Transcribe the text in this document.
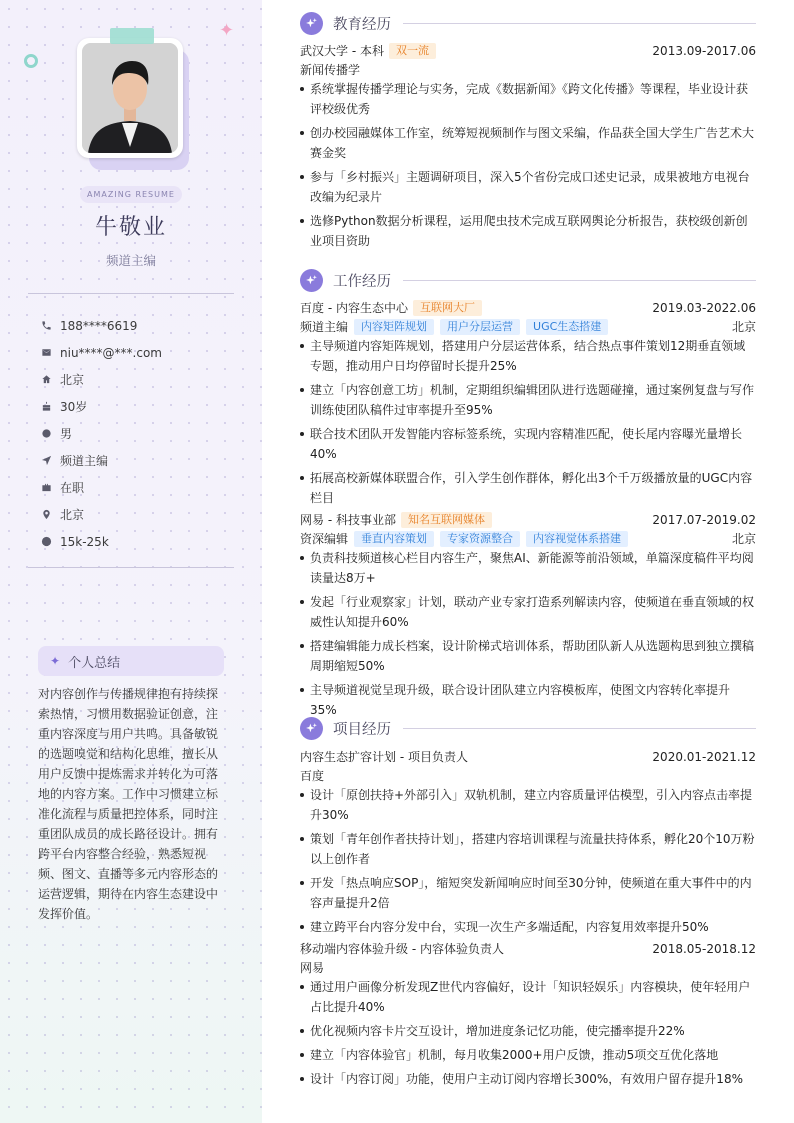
✦
AMAZING RESUME
牛敬业
频道主编
188****6619
niu****@***.com
北京
30岁
男
频道主编
在职
北京
15k-25k
✦ 个人总结
对内容创作与传播规律抱有持续探索热情，习惯用数据验证创意，注重内容深度与用户共鸣。具备敏锐的选题嗅觉和结构化思维，擅长从用户反馈中提炼需求并转化为可落地的内容方案。工作中习惯建立标准化流程与质量把控体系，同时注重团队成员的成长路径设计。拥有跨平台内容整合经验，熟悉短视频、图文、直播等多元内容形态的运营逻辑，期待在内容生态建设中发挥价值。
教育经历
武汉大学 - 本科	双一流	2013.09-2017.06
新闻传播学
系统掌握传播学理论与实务，完成《数据新闻》《跨文化传播》等课程，毕业设计获评校级优秀
创办校园融媒体工作室，统筹短视频制作与图文采编，作品获全国大学生广告艺术大赛金奖
参与「乡村振兴」主题调研项目，深入5个省份完成口述史记录，成果被地方电视台改编为纪录片
选修Python数据分析课程，运用爬虫技术完成互联网舆论分析报告，获校级创新创业项目资助
工作经历
百度 - 内容生态中心	互联网大厂	2019.03-2022.06
频道主编	内容矩阵规划	用户分层运营	UGC生态搭建	北京
主导频道内容矩阵规划，搭建用户分层运营体系，结合热点事件策划12期垂直领域专题，推动用户日均停留时长提升25%
建立「内容创意工坊」机制，定期组织编辑团队进行选题碰撞，通过案例复盘与写作训练使团队稿件过审率提升至95%
联合技术团队开发智能内容标签系统，实现内容精准匹配，使长尾内容曝光量增长40%
拓展高校新媒体联盟合作，引入学生创作群体，孵化出3个千万级播放量的UGC内容栏目
网易 - 科技事业部	知名互联网媒体	2017.07-2019.02
资深编辑	垂直内容策划	专家资源整合	内容视觉体系搭建	北京
负责科技频道核心栏目内容生产，聚焦AI、新能源等前沿领域，单篇深度稿件平均阅读量达8万+
发起「行业观察家」计划，联动产业专家打造系列解读内容，使频道在垂直领域的权威性认知提升60%
搭建编辑能力成长档案，设计阶梯式培训体系，帮助团队新人从选题构思到独立撰稿周期缩短50%
主导频道视觉呈现升级，联合设计团队建立内容模板库，使图文内容转化率提升35%
项目经历
内容生态扩容计划 - 项目负责人	2020.01-2021.12
百度
设计「原创扶持+外部引入」双轨机制，建立内容质量评估模型，引入内容点击率提升30%
策划「青年创作者扶持计划」，搭建内容培训课程与流量扶持体系，孵化20个10万粉以上创作者
开发「热点响应SOP」，缩短突发新闻响应时间至30分钟，使频道在重大事件中的内容声量提升2倍
建立跨平台内容分发中台，实现一次生产多端适配，内容复用效率提升50%
移动端内容体验升级 - 内容体验负责人	2018.05-2018.12
网易
通过用户画像分析发现Z世代内容偏好，设计「知识轻娱乐」内容模块，使年轻用户占比提升40%
优化视频内容卡片交互设计，增加进度条记忆功能，使完播率提升22%
建立「内容体验官」机制，每月收集2000+用户反馈，推动5项交互优化落地
设计「内容订阅」功能，使用户主动订阅内容增长300%，有效用户留存提升18%
